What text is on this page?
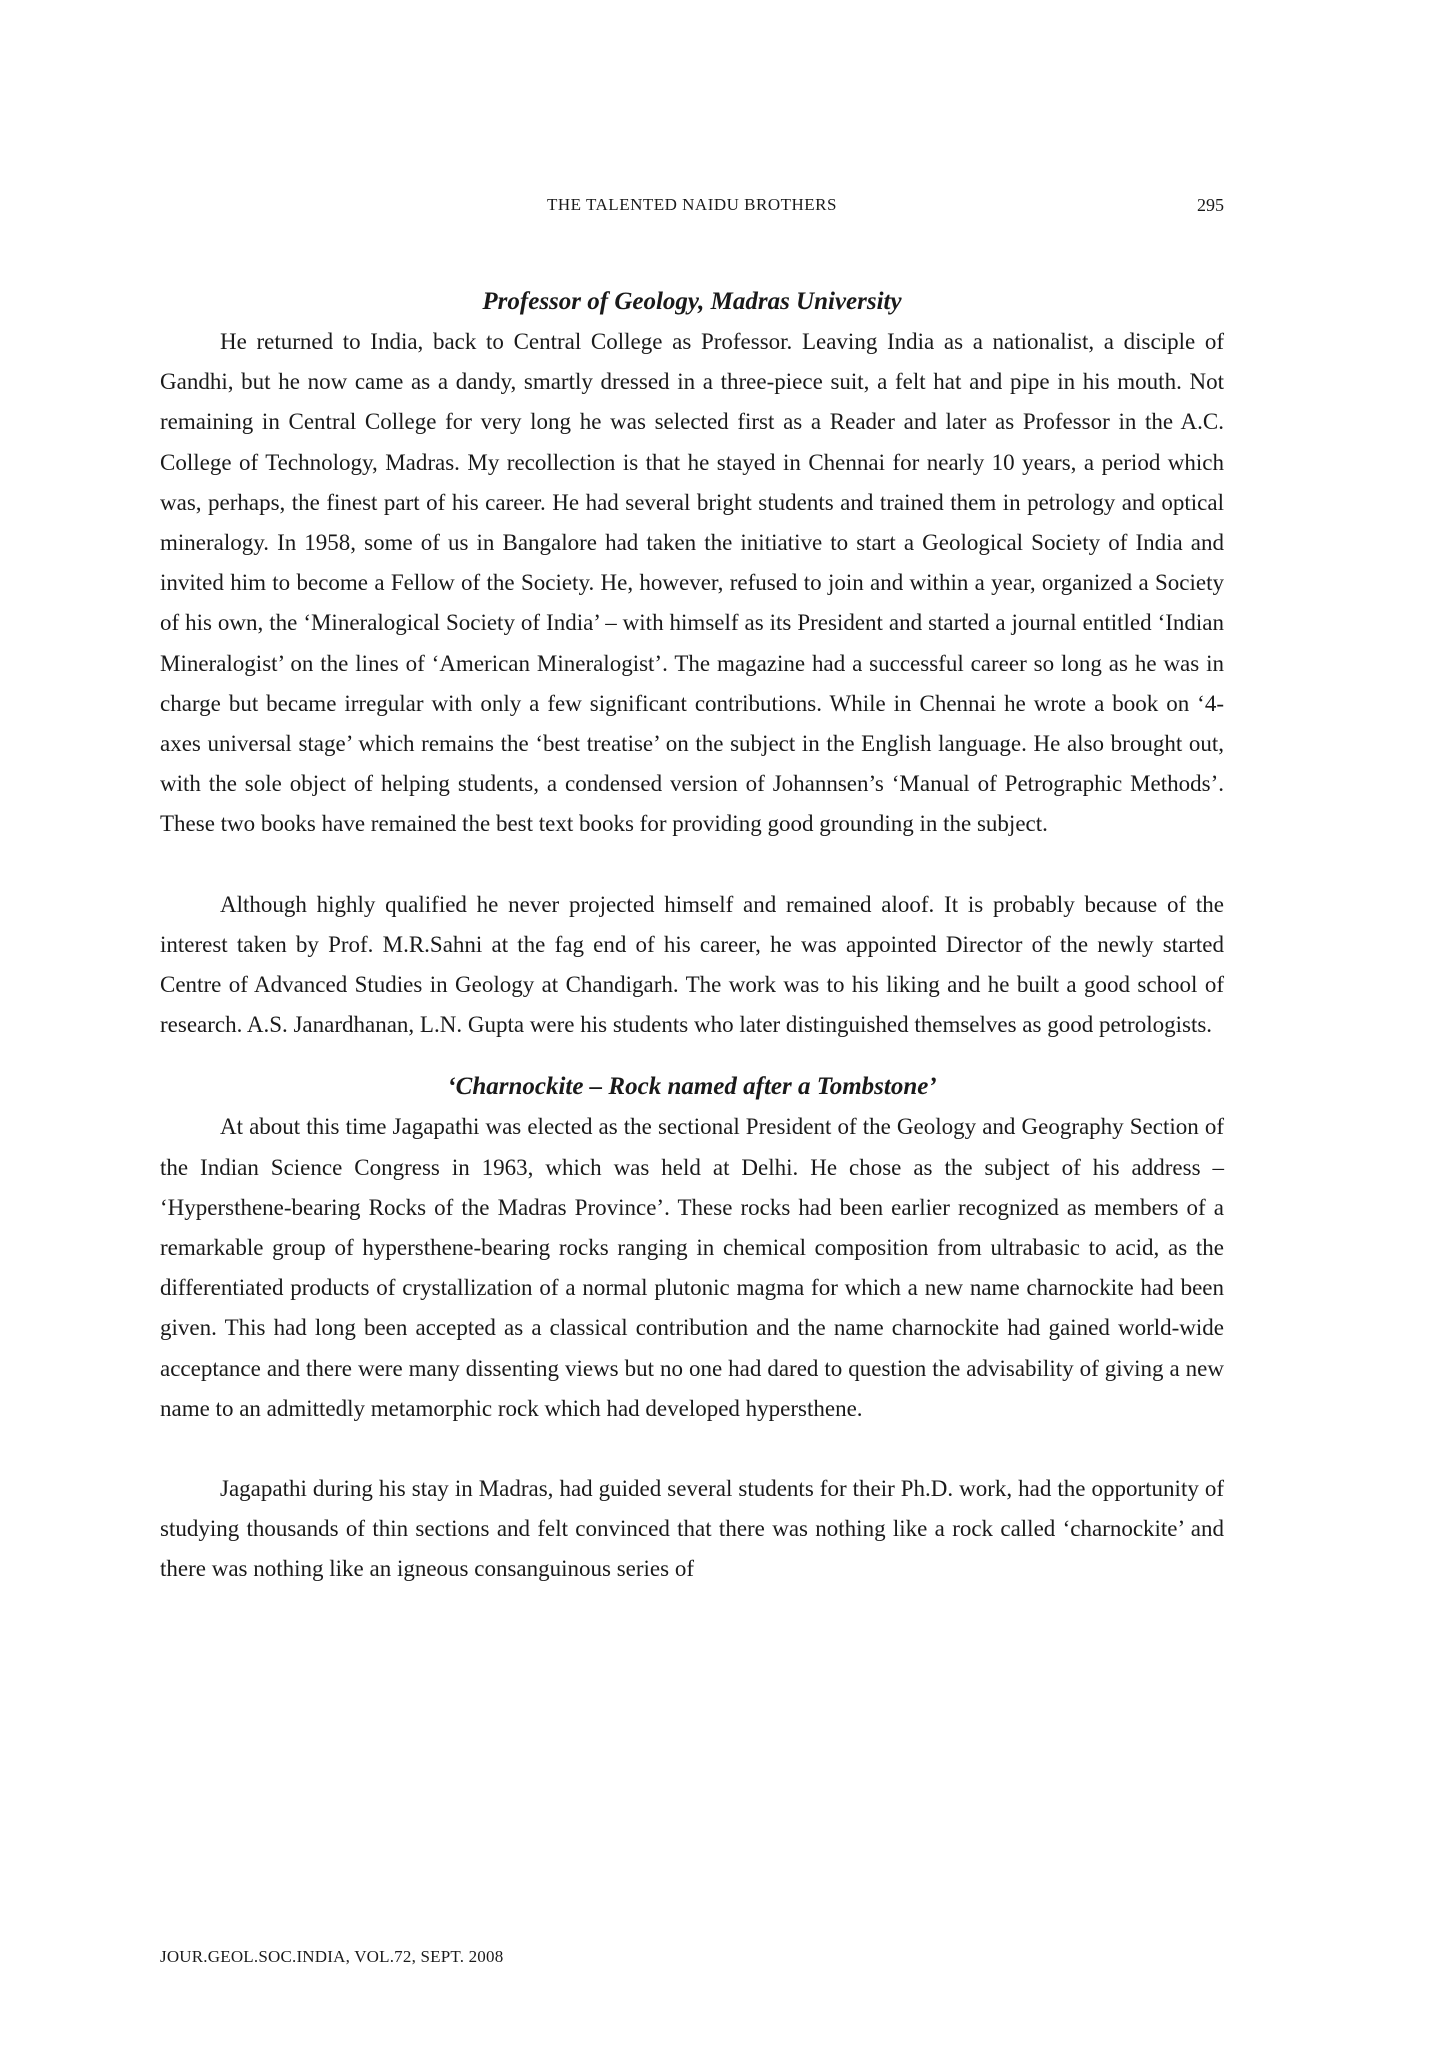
THE TALENTED NAIDU BROTHERS	295
Professor of Geology, Madras University

He returned to India, back to Central College as Professor. Leaving India as a nationalist, a disciple of Gandhi, but he now came as a dandy, smartly dressed in a three-piece suit, a felt hat and pipe in his mouth. Not remaining in Central College for very long he was selected first as a Reader and later as Professor in the A.C. College of Technology, Madras. My recollection is that he stayed in Chennai for nearly 10 years, a period which was, perhaps, the finest part of his career. He had several bright students and trained them in petrology and optical mineralogy. In 1958, some of us in Bangalore had taken the initiative to start a Geological Society of India and invited him to become a Fellow of the Society. He, however, refused to join and within a year, organized a Society of his own, the ‘Mineralogical Society of India’ – with himself as its President and started a journal entitled ‘Indian Mineralogist’ on the lines of ‘American Mineralogist’. The magazine had a successful career so long as he was in charge but became irregular with only a few significant contributions. While in Chennai he wrote a book on ‘4-axes universal stage’ which remains the ‘best treatise’ on the subject in the English language. He also brought out, with the sole object of helping students, a condensed version of Johannsen’s ‘Manual of Petrographic Methods’. These two books have remained the best text books for providing good grounding in the subject.

Although highly qualified he never projected himself and remained aloof. It is probably because of the interest taken by Prof. M.R.Sahni at the fag end of his career, he was appointed Director of the newly started Centre of Advanced Studies in Geology at Chandigarh. The work was to his liking and he built a good school of research. A.S. Janardhanan, L.N. Gupta were his students who later distinguished themselves as good petrologists.

‘Charnockite – Rock named after a Tombstone’

At about this time Jagapathi was elected as the sectional President of the Geology and Geography Section of the Indian Science Congress in 1963, which was held at Delhi. He chose as the subject of his address – ‘Hypersthene-bearing Rocks of the Madras Province’. These rocks had been earlier recognized as members of a remarkable group of hypersthene-bearing rocks ranging in chemical composition from ultrabasic to acid, as the differentiated products of crystallization of a normal plutonic magma for which a new name charnockite had been given. This had long been accepted as a classical contribution and the name charnockite had gained world-wide acceptance and there were many dissenting views but no one had dared to question the advisability of giving a new name to an admittedly metamorphic rock which had developed hypersthene.

Jagapathi during his stay in Madras, had guided several students for their Ph.D. work, had the opportunity of studying thousands of thin sections and felt convinced that there was nothing like a rock called ‘charnockite’ and there was nothing like an igneous consanguinous series of

JOUR.GEOL.SOC.INDIA, VOL.72, SEPT. 2008
